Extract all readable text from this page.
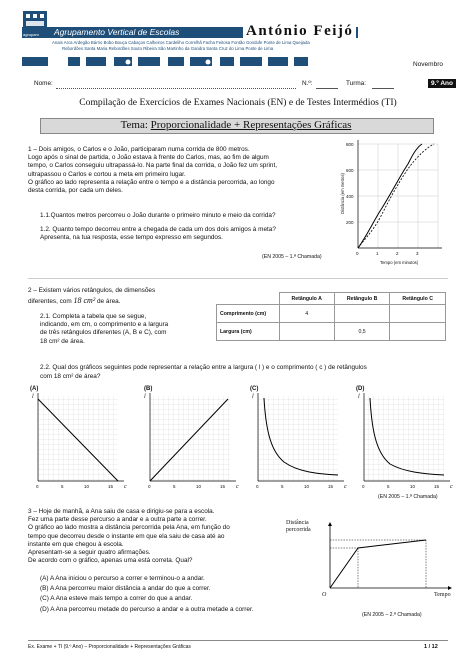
agrupam Agrupamento Vertical de Escolas	António Feijó
Anais Arca Ardegão Bárrio Bobo Bouça Cabaços Calheiros Cardeliho Correlhã Facha Feitosa Fontão Gondufe Ponte de Lima Queijada
Rebordões Santa Maria Rebordões Souto Ribeira São Martinho da Gandra Santa Cruz do Lima Ponte de Lima
Novembro
Nome:	N.º:	Turma:	9.º Ano
Compilação de Exercícios de Exames Nacionais (EN) e de Testes Intermédios (TI)
Tema: Proporcionalidade + Representações Gráficas
1 – Dois amigos, o Carlos e o João, participaram numa corrida de 800 metros.
Logo após o sinal de partida, o João estava à frente do Carlos, mas, ao fim de algum
tempo, o Carlos conseguiu ultrapassá-lo. Na parte final da corrida, o João fez um sprint,
ultrapassou o Carlos e cortou a meta em primeiro lugar.
O gráfico ao lado representa a relação entre o tempo e a distância percorrida, ao longo
desta corrida, por cada um deles.
1.1.Quantos metros percorreu o João durante o primeiro minuto e meio da corrida?
1.2. Quanto tempo decorreu entre a chegada de cada um dos dois amigos à meta?
Apresenta, na tua resposta, esse tempo expresso em segundos.
(EN 2005 – 1.ª Chamada)
800
600
400
200
0	1	2	3
Tempo (em minutos)
Distância (em metros)
2 – Existem vários retângulos, de dimensões
diferentes, com 18 cm² de área.
2.1. Completa a tabela que se segue,
indicando, em cm, o comprimento e a largura
de três retângulos diferentes (A, B e C), com
18 cm² de área.
	Retângulo A	Retângulo B	Retângulo C
Comprimento (cm)	4		
Largura (cm)		0,5	
2.2. Qual dos gráficos seguintes pode representar a relação entre a largura ( l ) e o comprimento ( c ) de retângulos
com 18 cm² de área?
(A)	(B)	(C)	(D)
l
c
l
c
l
c
l
c
0	5	10	15	0	5	10	15	0	5	10	15	0	5	10	15
(EN 2005 – 1.ª Chamada)
3 – Hoje de manhã, a Ana saiu de casa e dirigiu-se para a escola.
Fez uma parte desse percurso a andar e a outra parte a correr.
O gráfico ao lado mostra a distância percorrida pela Ana, em função do
tempo que decorreu desde o instante em que ela saiu de casa até ao
instante em que chegou à escola.
Apresentam-se a seguir quatro afirmações.
De acordo com o gráfico, apenas uma está correta. Qual?
(A) A Ana iniciou o percurso a correr e terminou-o a andar.
(B) A Ana percorreu maior distância a andar do que a correr.
(C) A Ana esteve mais tempo a correr do que a andar.
(D) A Ana percorreu metade do percurso a andar e a outra metade a correr.
Distância
percorrida
Tempo
O
(EN 2005 – 2.ª Chamada)
Ex. Exame + TI (9.º Ano) – Proporcionalidade + Representações Gráficas	1 / 12
